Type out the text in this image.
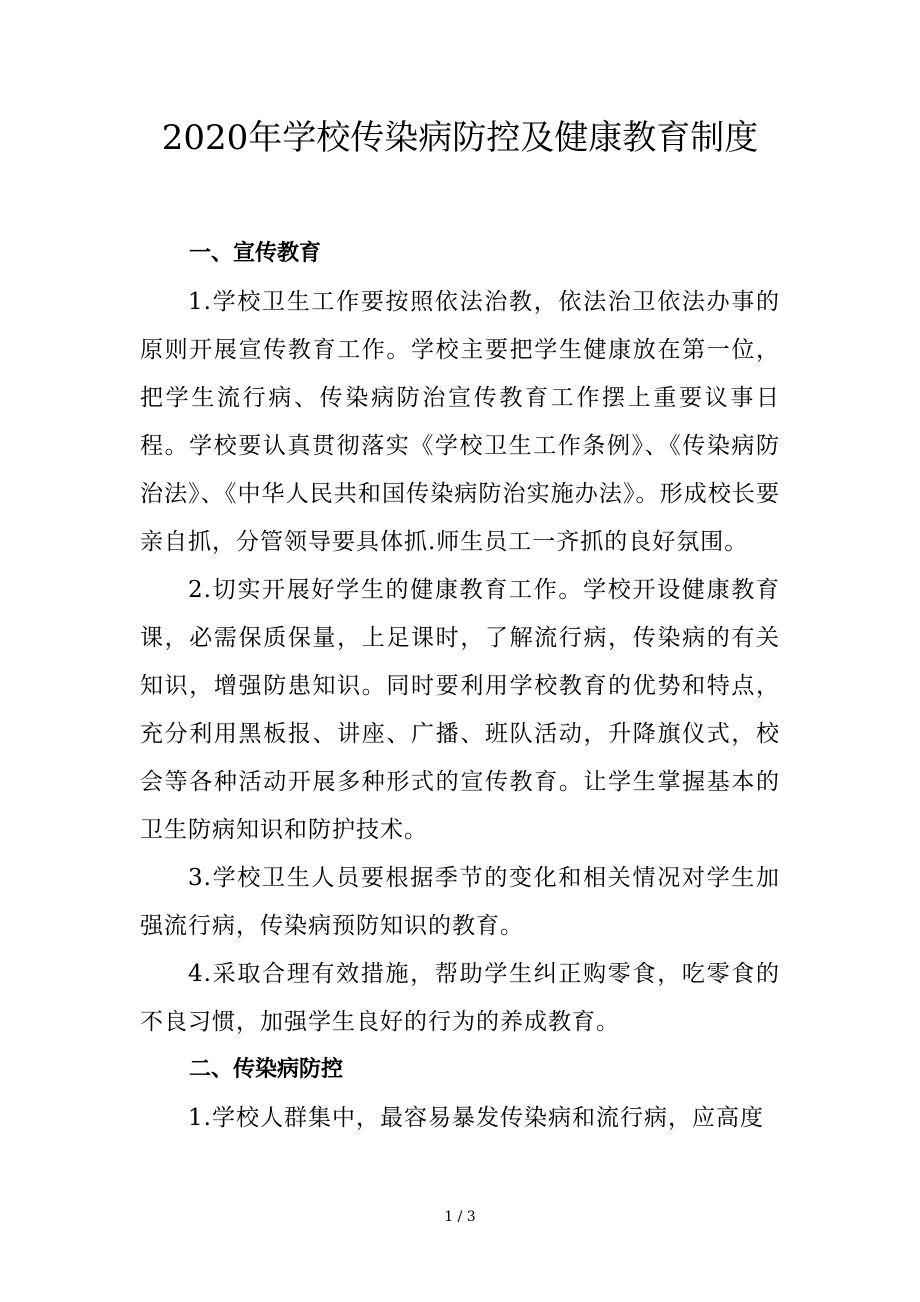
2020年学校传染病防控及健康教育制度

一、宣传教育

1.学校卫生工作要按照依法治教，依法治卫依法办事的原则开展宣传教育工作。学校主要把学生健康放在第一位，把学生流行病、传染病防治宣传教育工作摆上重要议事日程。学校要认真贯彻落实《学校卫生工作条例》、《传染病防治法》、《中华人民共和国传染病防治实施办法》。形成校长要亲自抓，分管领导要具体抓.师生员工一齐抓的良好氛围。

2.切实开展好学生的健康教育工作。学校开设健康教育课，必需保质保量，上足课时，了解流行病，传染病的有关知识，增强防患知识。同时要利用学校教育的优势和特点，充分利用黑板报、讲座、广播、班队活动，升降旗仪式，校会等各种活动开展多种形式的宣传教育。让学生掌握基本的卫生防病知识和防护技术。

3.学校卫生人员要根据季节的变化和相关情况对学生加强流行病，传染病预防知识的教育。

4.采取合理有效措施，帮助学生纠正购零食，吃零食的不良习惯，加强学生良好的行为的养成教育。

二、传染病防控

1.学校人群集中，最容易暴发传染病和流行病，应高度

1 / 3
